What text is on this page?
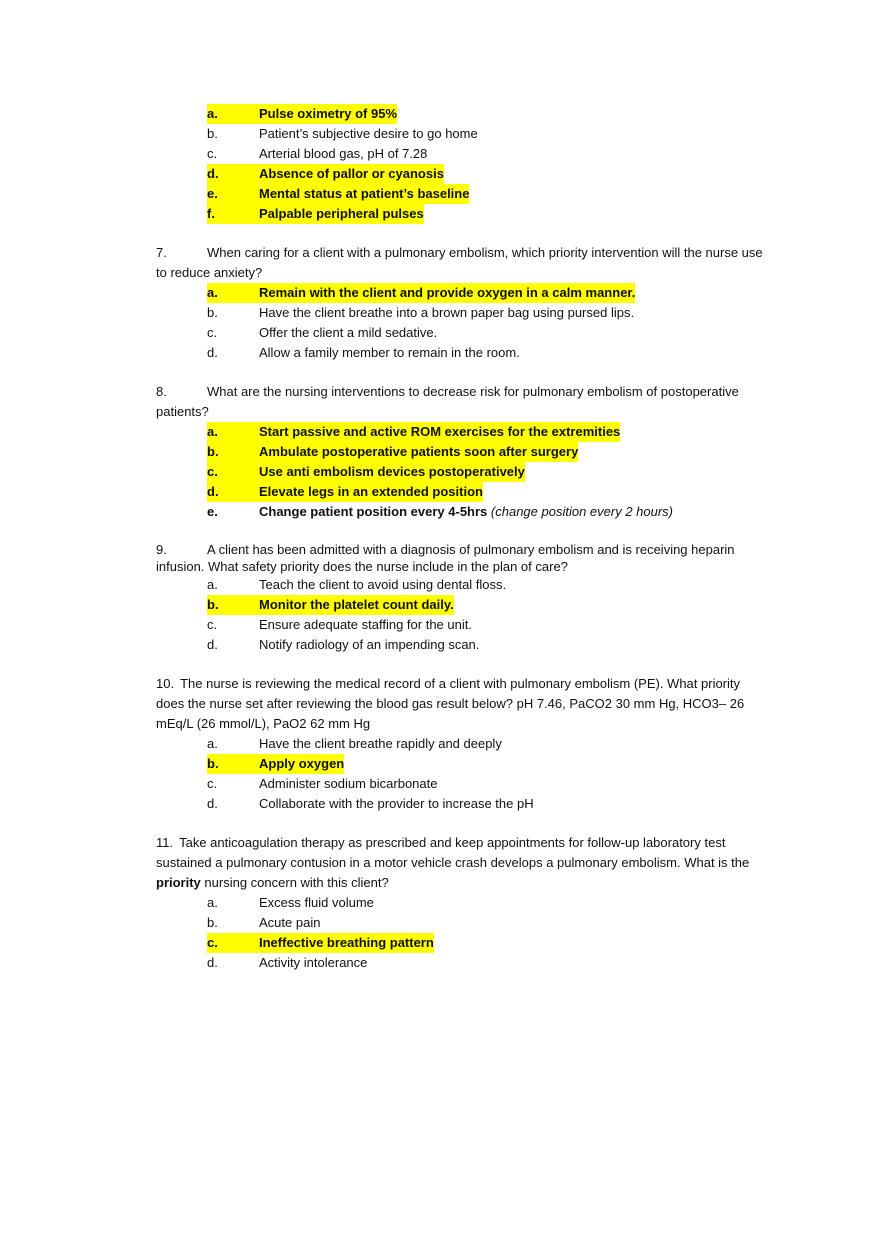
a.	Pulse oximetry of 95%
b.	Patient’s subjective desire to go home
c.	Arterial blood gas, pH of 7.28
d.	Absence of pallor or cyanosis
e.	Mental status at patient’s baseline
f.	Palpable peripheral pulses
7.	When caring for a client with a pulmonary embolism, which priority intervention will the nurse use to reduce anxiety?
a.	Remain with the client and provide oxygen in a calm manner.
b.	Have the client breathe into a brown paper bag using pursed lips.
c.	Offer the client a mild sedative.
d.	Allow a family member to remain in the room.
8.	What are the nursing interventions to decrease risk for pulmonary embolism of postoperative patients?
a.	Start passive and active ROM exercises for the extremities
b.	Ambulate postoperative patients soon after surgery
c.	Use anti embolism devices postoperatively
d.	Elevate legs in an extended position
e.	Change patient position every 4-5hrs (change position every 2 hours)
9.	A client has been admitted with a diagnosis of pulmonary embolism and is receiving heparin infusion. What safety priority does the nurse include in the plan of care?
a.	Teach the client to avoid using dental floss.
b.	Monitor the platelet count daily.
c.	Ensure adequate staffing for the unit.
d.	Notify radiology of an impending scan.
10. The nurse is reviewing the medical record of a client with pulmonary embolism (PE). What priority does the nurse set after reviewing the blood gas result below? pH 7.46, PaCO2 30 mm Hg, HCO3– 26 mEq/L (26 mmol/L), PaO2 62 mm Hg
a.	Have the client breathe rapidly and deeply
b.	Apply oxygen
c.	Administer sodium bicarbonate
d.	Collaborate with the provider to increase the pH
11. Take anticoagulation therapy as prescribed and keep appointments for follow-up laboratory test sustained a pulmonary contusion in a motor vehicle crash develops a pulmonary embolism. What is the priority nursing concern with this client?
a.	Excess fluid volume
b.	Acute pain
c.	Ineffective breathing pattern
d.	Activity intolerance
